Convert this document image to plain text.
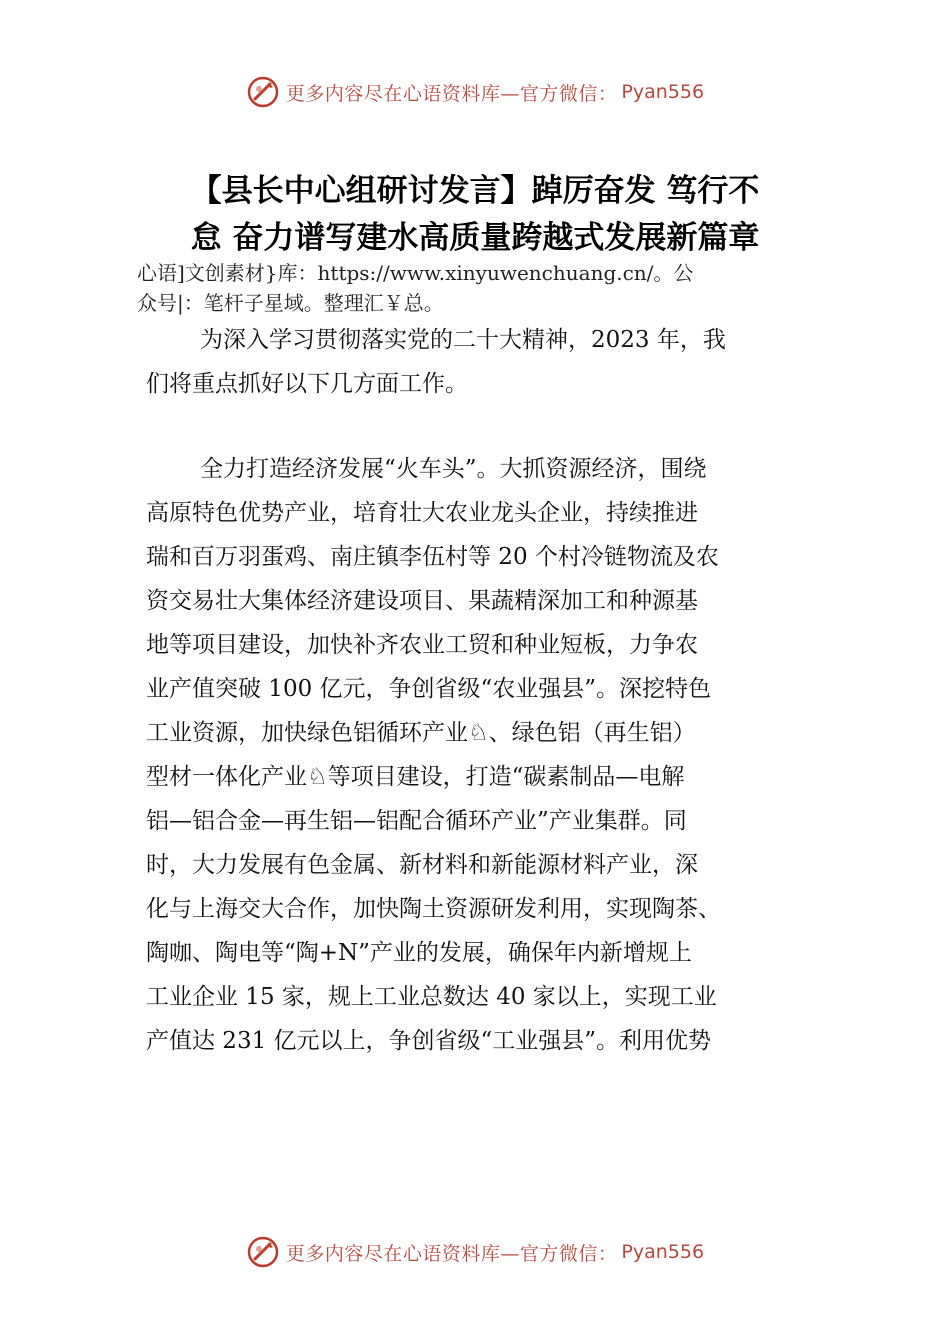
更多内容尽在心语资料库—官方微信： Pyan556
【县长中心组研讨发言】踔厉奋发 笃行不
怠 奋力谱写建水高质量跨越式发展新篇章
心语]文创素材}库：https://www.xinyuwenchuang.cn/。公
众号|：笔杆子星域。整理汇￥总。
为深入学习贯彻落实党的二十大精神，2023 年，我
们将重点抓好以下几方面工作。
全力打造经济发展“火车头”。大抓资源经济，围绕
高原特色优势产业，培育壮大农业龙头企业，持续推进
瑞和百万羽蛋鸡、南庄镇李伍村等 20 个村冷链物流及农
资交易壮大集体经济建设项目、果蔬精深加工和种源基
地等项目建设，加快补齐农业工贸和种业短板，力争农
业产值突破 100 亿元，争创省级“农业强县”。深挖特色
工业资源，加快绿色铝循环产业♘、绿色铝（再生铝）
型材一体化产业♘等项目建设，打造“碳素制品—电解
铝—铝合金—再生铝—铝配合循环产业”产业集群。同
时，大力发展有色金属、新材料和新能源材料产业，深
化与上海交大合作，加快陶土资源研发利用，实现陶茶、
陶咖、陶电等“陶+N”产业的发展，确保年内新增规上
工业企业 15 家，规上工业总数达 40 家以上，实现工业
产值达 231 亿元以上，争创省级“工业强县”。利用优势
更多内容尽在心语资料库—官方微信： Pyan556
